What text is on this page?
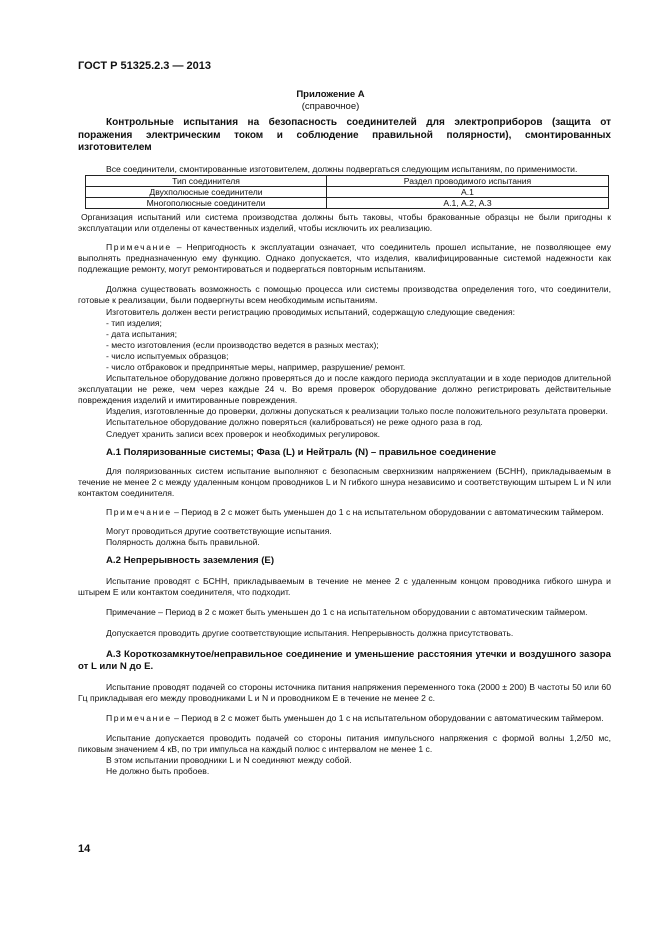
ГОСТ Р 51325.2.3 — 2013
Приложение А
(справочное)

Контрольные испытания на безопасность соединителей для электроприборов (защита от поражения электрическим током и соблюдение правильной полярности), смонтированных изготовителем

Все соединители, смонтированные изготовителем, должны подвергаться следующим испытаниям, по применимости.

Тип соединителя	Раздел проводимого испытания
Двухполюсные соединители	А.1
Многополюсные соединители	А.1, А.2, А.3

Организация испытаний или система производства должны быть таковы, чтобы бракованные образцы не были пригодны к эксплуатации или отделены от качественных изделий, чтобы исключить их реализацию.

Примечание – Непригодность к эксплуатации означает, что соединитель прошел испытание, не позволяющее ему выполнять предназначенную ему функцию. Однако допускается, что изделия, квалифицированные системой надежности как подлежащие ремонту, могут ремонтироваться и подвергаться повторным испытаниям.

Должна существовать возможность с помощью процесса или системы производства определения того, что соединители, готовые к реализации, были подвергнуты всем необходимым испытаниям.

Изготовитель должен вести регистрацию проводимых испытаний, содержащую следующие сведения:

- тип изделия;

- дата испытания;

- место изготовления (если производство ведется в разных местах);

- число испытуемых образцов;

- число отбраковок и предпринятые меры, например, разрушение/ ремонт.

Испытательное оборудование должно проверяться до и после каждого периода эксплуатации и в ходе периодов длительной эксплуатации не реже, чем через каждые 24 ч. Во время проверок оборудование должно регистрировать действительные повреждения изделий и имитированные повреждения.

Изделия, изготовленные до проверки, должны допускаться к реализации только после положительного результата проверки.

Испытательное оборудование должно поверяться (калиброваться) не реже одного раза в год.

Следует хранить записи всех проверок и необходимых регулировок.

А.1 Поляризованные системы; Фаза (L) и Нейтраль (N) – правильное соединение

Для поляризованных систем испытание выполняют с безопасным сверхнизким напряжением (БСНН), прикладываемым в течение не менее 2 с между удаленным концом проводников L и N гибкого шнура независимо и соответствующим штырем L и N или контактом соединителя.

Примечание – Период в 2 с может быть уменьшен до 1 с на испытательном оборудовании с автоматическим таймером.

Могут проводиться другие соответствующие испытания.

Полярность должна быть правильной.

А.2 Непрерывность заземления (Е)

Испытание проводят с БСНН, прикладываемым в течение не менее 2 с удаленным концом проводника гибкого шнура и штырем Е или контактом соединителя, что подходит.

Примечание – Период в 2 с может быть уменьшен до 1 с на испытательном оборудовании с автоматическим таймером.

Допускается проводить другие соответствующие испытания. Непрерывность должна присутствовать.

А.3 Короткозамкнутое/неправильное соединение и уменьшение расстояния утечки и воздушного зазора от L или N до Е.

Испытание проводят подачей со стороны источника питания напряжения переменного тока (2000 ± 200) В частоты 50 или 60 Гц прикладывая его между проводниками L и N и проводником Е в течение не менее 2 с.

Примечание – Период в 2 с может быть уменьшен до 1 с на испытательном оборудовании с автоматическим таймером.

Испытание допускается проводить подачей со стороны питания импульсного напряжения с формой волны 1,2/50 мс, пиковым значением 4 кВ, по три импульса на каждый полюс с интервалом не менее 1 с.

В этом испытании проводники L и N соединяют между собой.

Не должно быть пробоев.

14
